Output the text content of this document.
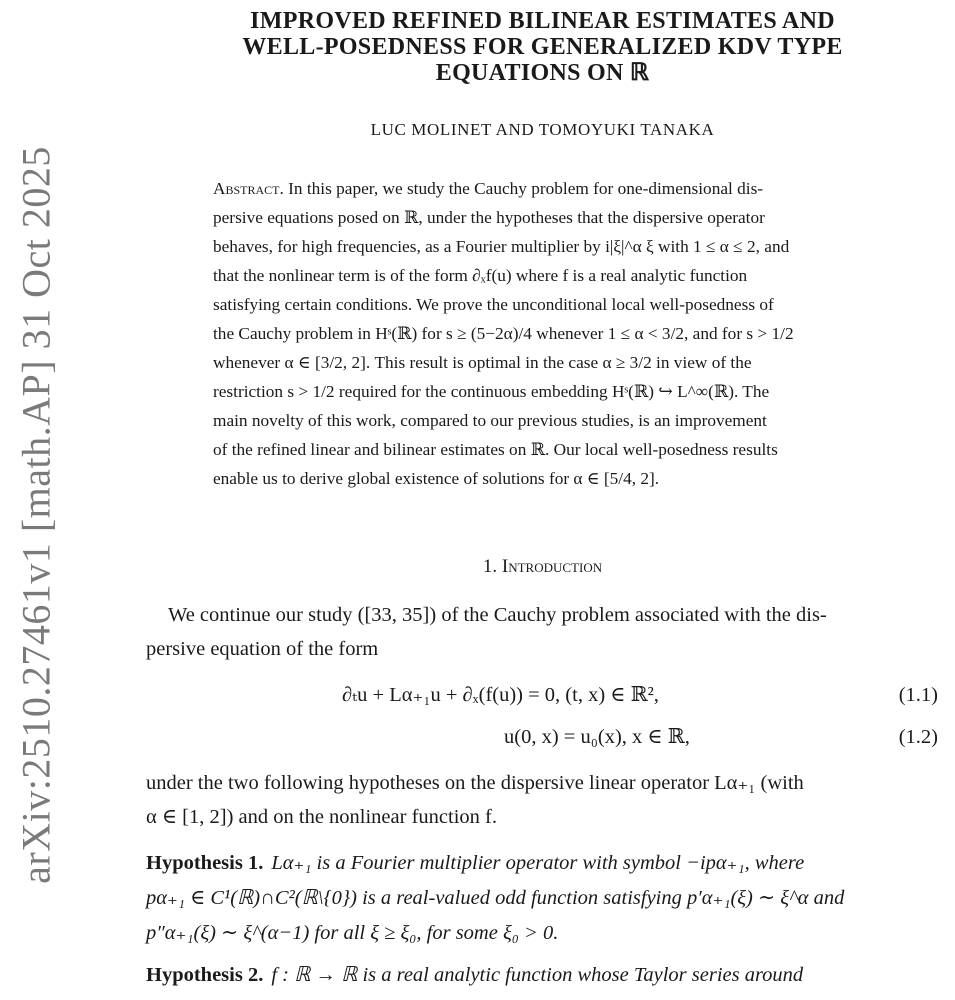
arXiv:2510.27461v1 [math.AP] 31 Oct 2025
IMPROVED REFINED BILINEAR ESTIMATES AND
WELL-POSEDNESS FOR GENERALIZED KDV TYPE
EQUATIONS ON ℝ
LUC MOLINET AND TOMOYUKI TANAKA
Abstract. In this paper, we study the Cauchy problem for one-dimensional dis-
persive equations posed on ℝ, under the hypotheses that the dispersive operator
behaves, for high frequencies, as a Fourier multiplier by i|ξ|^α ξ with 1 ≤ α ≤ 2, and
that the nonlinear term is of the form ∂ₓf(u) where f is a real analytic function
satisfying certain conditions. We prove the unconditional local well-posedness of
the Cauchy problem in Hˢ(ℝ) for s ≥ (5−2α)/4 whenever 1 ≤ α < 3/2, and for s > 1/2
whenever α ∈ [3/2, 2]. This result is optimal in the case α ≥ 3/2 in view of the
restriction s > 1/2 required for the continuous embedding Hˢ(ℝ) ↪ L^∞(ℝ). The
main novelty of this work, compared to our previous studies, is an improvement
of the refined linear and bilinear estimates on ℝ. Our local well-posedness results
enable us to derive global existence of solutions for α ∈ [5/4, 2].
1. Introduction
We continue our study ([33, 35]) of the Cauchy problem associated with the dis-
persive equation of the form
∂ₜu + Lα₊₁u + ∂ₓ(f(u)) = 0, (t, x) ∈ ℝ²,	(1.1)
u(0, x) = u₀(x), x ∈ ℝ,	(1.2)
under the two following hypotheses on the dispersive linear operator Lα₊₁ (with
α ∈ [1, 2]) and on the nonlinear function f.
Hypothesis 1. Lα₊₁ is a Fourier multiplier operator with symbol −ipα₊₁, where
pα₊₁ ∈ C¹(ℝ)∩C²(ℝ\{0}) is a real-valued odd function satisfying p′α₊₁(ξ) ∼ ξ^α and
p″α₊₁(ξ) ∼ ξ^(α−1) for all ξ ≥ ξ₀, for some ξ₀ > 0.
Hypothesis 2. f : ℝ → ℝ is a real analytic function whose Taylor series around
